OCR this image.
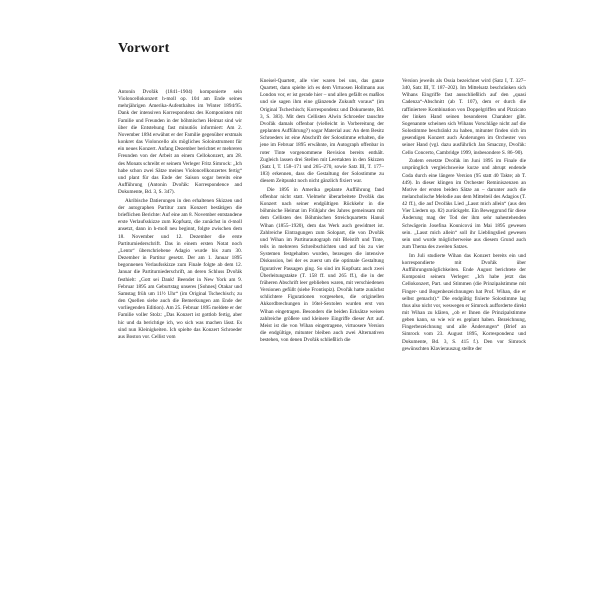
Vorwort

Antonín Dvořák (1841–1904) komponierte sein Violoncellokonzert h-moll op. 104 am Ende seines mehrjährigen Amerika-Aufenthaltes im Winter 1894/95. Dank der intensiven Korrespondenz des Komponisten mit Familie und Freunden in der böhmischen Heimat sind wir über die Entstehung fast minutiös informiert: Am 2. November 1894 erwähnt er der Familie gegenüber erstmals konkret das Violoncello als mögliches Soloinstrument für ein neues Konzert. Anfang Dezember berichtet er mehreren Freunden von der Arbeit an einem Cellokonzert, am 28. des Monats schreibt er seinem Verleger Fritz Simrock: „Ich habe schon zwei Sätze meines Violoncellkonzertes fertig“ und plant für das Ende der Saison sogar bereits eine Aufführung (Antonín Dvořák: Korrespondence and Dokumente, Bd. 3, S. 347).

Akribische Datierungen in den erhaltenen Skizzen und der autographen Partitur zum Konzert bestätigen die brieflichen Berichte: Auf eine am 8. November entstandene erste Verlaufsskizze zum Kopfsatz, die zunächst in d-moll ansetzt, dann in h-moll neu beginnt, folgte zwischen dem 18. November und 12. Dezember die erste Partiturniederschrift. Das in einem ersten Notat noch „Lento“ überschriebene Adagio wurde bis zum 30. Dezember in Partitur gesetzt. Der am 1. Januar 1895 begonnenen Verlaufsskizze zum Finale folgte ab dem 12. Januar die Partiturniederschrift, an deren Schluss Dvořák festhielt: „Gott sei Dank! Beendet in New York am 9. Februar 1895 am Geburtstag unseres [Sohnes] Otakar und Samstag früh um 11½ Uhr“ (im Original Tschechisch; zu den Quellen siehe auch die Bemerkungen am Ende der vorliegenden Edition). Am 25. Februar 1895 meldete er der Familie voller Stolz: „Das Konzert ist gottlob fertig, aber hic und da berichtige ich, wo sich was machen lässt. Es sind nun Kleinigkeiten. Ich spielte das Konzert Schroeder aus Boston vor. Cellist vom

Kneisel-Quartett, alle vier waren bei uns, das ganze Quartett, dann spielte ich es dem Virtuosen Hollmann aus London vor, er ist gerade hier – und allen gefällt es maßlos und sie sagen ihm eine glänzende Zukunft voraus“ (im Original Tschechisch; Korrespondenz und Dokumente, Bd. 3, S. 383). Mit dem Cellisten Alwin Schroeder tauschte Dvořák damals offenbar (vielleicht in Vorbereitung der geplanten Aufführung?) sogar Material aus: An dem Besitz Schroeders ist eine Abschrift der Solostimme erhalten, die jene im Februar 1895 erwähnte, im Autograph offenbar in roter Tinte vorgenommene Revision bereits enthält. Zugleich lassen drei Stellen mit Leertakten in den Skizzen (Satz I, T. 158–171 und 265–270, sowie Satz III, T. 177–183) erkennen, dass die Gestaltung der Solostimme zu diesem Zeitpunkt noch nicht gänzlich fixiert war.

Die 1895 in Amerika geplante Aufführung fand offenbar nicht statt. Vielmehr überarbeitete Dvořák das Konzert nach seiner endgültigen Rückkehr in die böhmische Heimat im Frühjahr des Jahres gemeinsam mit dem Cellisten des Böhmischen Streichquartetts Hanuš Wihan (1855–1920), dem das Werk auch gewidmet ist. Zahlreiche Eintragungen zum Solopart, die von Dvořák und Wihan im Partiturautograph mit Bleistift und Tinte, teils in mehreren Schreibschichten und auf bis zu vier Systemen festgehalten wurden, bezeugen die intensive Diskussion, bei der es zuerst um die optimale Gestaltung figurativer Passagen ging. So sind im Kopfsatz auch zwei Überleitungstakte (T. 158 ff. und 265 ff.), die in der früheren Abschrift leer geblieben waren, mit verschiedenen Versionen gefüllt (siehe Frontispiz). Dvořák hatte zunächst schlichtere Figurationen vorgesehen, die originellen Akkordbrechungen in 16tel-Sextolen wurden erst von Wihan eingetragen. Besonders die beiden Ecksätze weisen zahlreiche größere und kleinere Eingriffe dieser Art auf. Meist ist die von Wihan eingetragene, virtuosere Version die endgültige, mitunter bleiben auch zwei Alternativen bestehen, von denen Dvořák schließlich die

Version jeweils als Ossia bezeichnet wird (Satz I, T. 327–340, Satz III, T. 187–202). Im Mittelsatz beschränken sich Wihans Eingriffe fast ausschließlich auf den „quasi Cadenza“-Abschnitt (ab T. 107), dem er durch die raffiniertere Kombination von Doppelgriffen und Pizzicato der linken Hand seinen besonderen Charakter gibt. Sogenannte scheinen sich Wihans Vorschläge nicht auf die Solostimme beschränkt zu haben, mitunter finden sich im gesendigen Konzert auch Änderungen im Orchester von seiner Hand (vgl. dazu ausführlich Jan Smaczny, Dvořák: Cello Concerto, Cambridge 1999, insbesondere S. 86–90).

Zudem ersetzte Dvořák im Juni 1895 im Finale die ursprünglich vergleichsweise kurze und abrupt endende Coda durch eine längere Version (95 statt 40 Takte; ab T. 449). In dieser klingen im Orchester Reminiszenzen an Motive der ersten beiden Sätze an – darunter auch die melancholische Melodie aus dem Mittelteil des Adagios (T. 42 ff.), die auf Dvořáks Lied „Lasst mich allein“ (aus den Vier Liedern op. 82) zurückgeht. Ein Beweggrund für diese Änderung mag der Tod der ihm sehr nahestehenden Schwägerin Josefina Kounicová im Mai 1895 gewesen sein. „Lasst mich allein“ soll ihr Lieblingslied gewesen sein und wurde möglicherweise aus diesem Grund auch zum Thema des zweiten Satzes.

Im Juli studierte Wihan das Konzert bereits ein und korrespondierte mit Dvořák über Aufführungsmöglichkeiten. Ende August berichtete der Komponist seinem Verleger: „Ich habe jetzt das Cellokonzert, Part. und Stimmen (die Prinzipalstimme mit Finger- und Bogenbezeichnungen hat Prof. Wihan, die er selbst gemacht).“ Die endgültig fixierte Solostimme lag thus also nicht vor, weswegen er Simrock aufforderte direkt mit Wihan zu klären, „ob er Ihnen die Prinzipalstimme geben kann, so wie wir es geplant haben. Bezeichnung, Fingerbezeichnung und alle Änderungen“ (Brief an Simrock vom 23. August 1895, Korrespondenz und Dokumente, Bd. 3, S. 415 f.). Den vor Simrock gewünschten Klavierauszug stellte der
